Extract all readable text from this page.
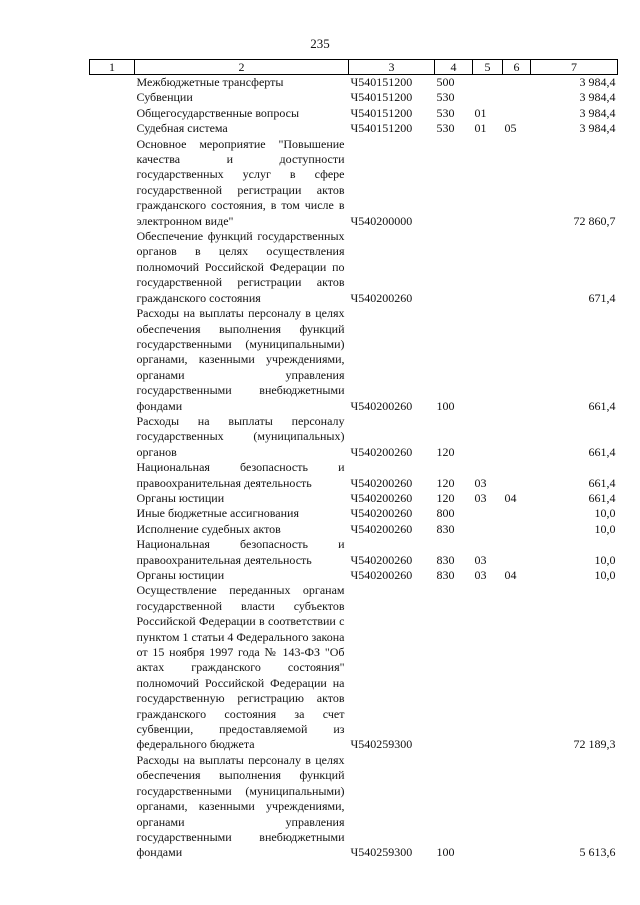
235
1	2	3	4	5	6	7
	Межбюджетные трансферты	Ч540151200	500			3 984,4
	Субвенции	Ч540151200	530			3 984,4
	Общегосударственные вопросы	Ч540151200	530	01		3 984,4
	Судебная система	Ч540151200	530	01	05	3 984,4
	Основное мероприятие "Повышение качества и доступности государственных услуг в сфере государственной регистрации актов гражданского состояния, в том числе в электронном виде"	Ч540200000				72 860,7
	Обеспечение функций государственных органов в целях осуществления полномочий Российской Федерации по государственной регистрации актов гражданского состояния	Ч540200260				671,4
	Расходы на выплаты персоналу в целях обеспечения выполнения функций государственными (муниципальными) органами, казенными учреждениями, органами управления государственными внебюджетными фондами	Ч540200260	100			661,4
	Расходы на выплаты персоналу государственных (муниципальных) органов	Ч540200260	120			661,4
	Национальная безопасность и правоохранительная деятельность	Ч540200260	120	03		661,4
	Органы юстиции	Ч540200260	120	03	04	661,4
	Иные бюджетные ассигнования	Ч540200260	800			10,0
	Исполнение судебных актов	Ч540200260	830			10,0
	Национальная безопасность и правоохранительная деятельность	Ч540200260	830	03		10,0
	Органы юстиции	Ч540200260	830	03	04	10,0
	Осуществление переданных органам государственной власти субъектов Российской Федерации в соответствии с пунктом 1 статьи 4 Федерального закона от 15 ноября 1997 года № 143-ФЗ "Об актах гражданского состояния" полномочий Российской Федерации на государственную регистрацию актов гражданского состояния за счет субвенции, предоставляемой из федерального бюджета	Ч540259300				72 189,3
	Расходы на выплаты персоналу в целях обеспечения выполнения функций государственными (муниципальными) органами, казенными учреждениями, органами управления государственными внебюджетными фондами	Ч540259300	100			5 613,6
